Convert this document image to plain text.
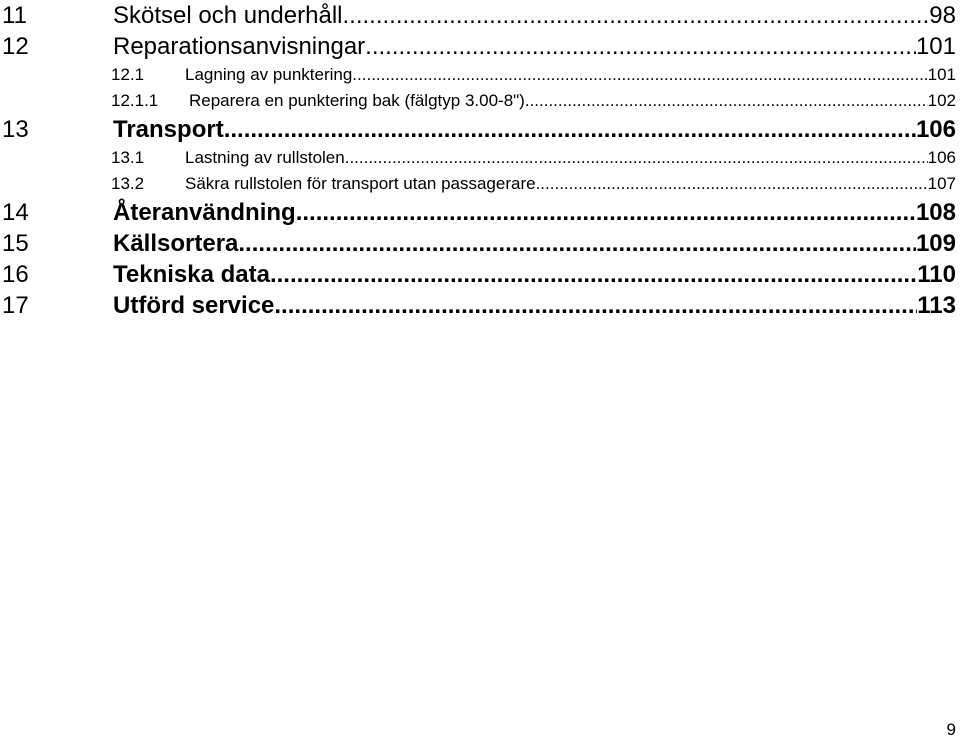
11	Skötsel och underhåll .....	98
12	Reparationsanvisningar .....	101
12.1	Lagning av punktering .....	101
12.1.1	Reparera en punktering bak (fälgtyp 3.00-8") .....	102
13	Transport .....	106
13.1	Lastning av rullstolen .....	106
13.2	Säkra rullstolen för transport utan passagerare .....	107
14	Återanvändning .....	108
15	Källsortera .....	109
16	Tekniska data .....	110
17	Utförd service .....	113
9
